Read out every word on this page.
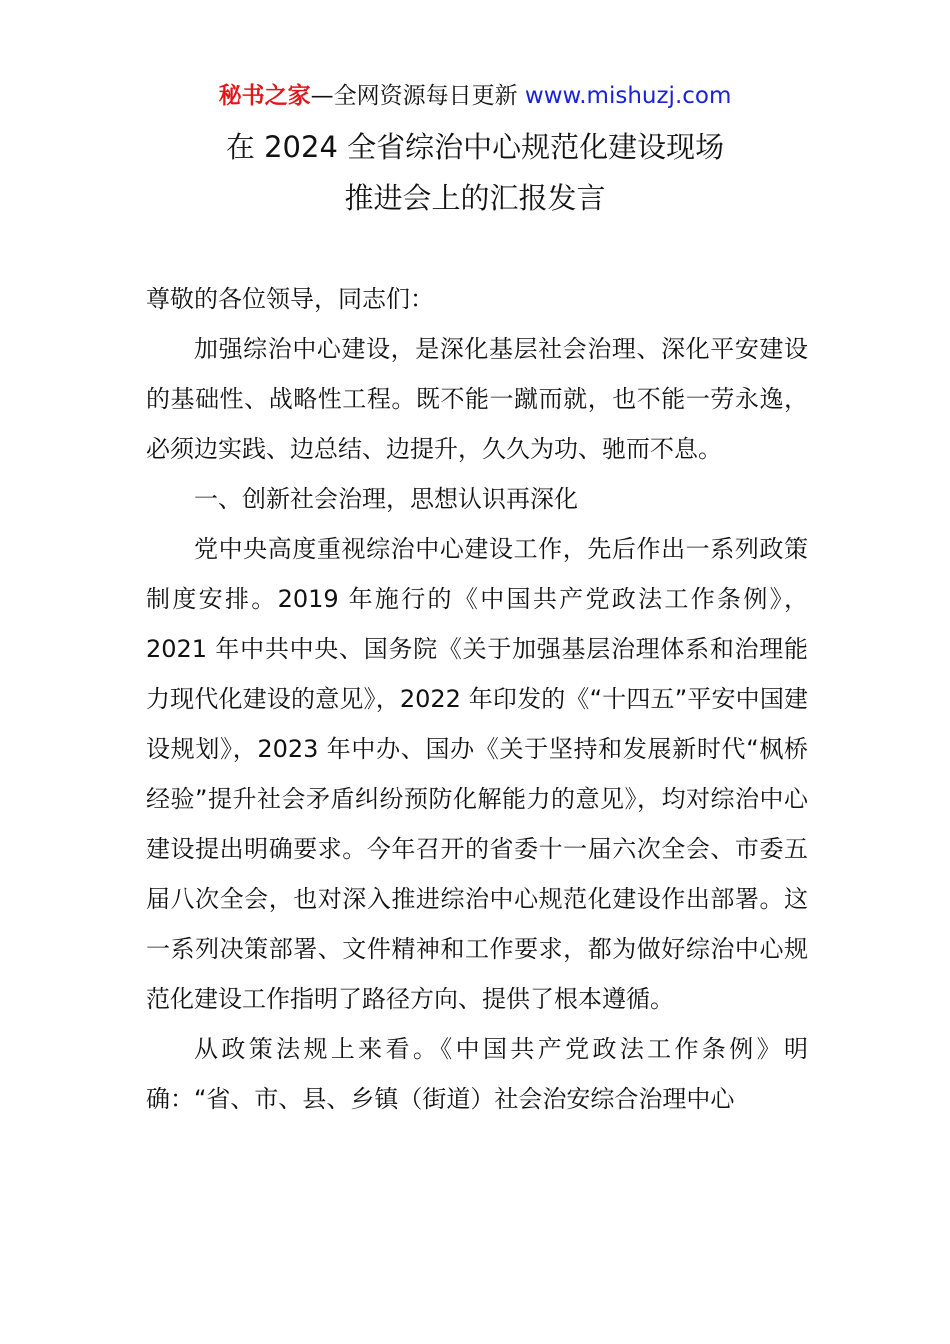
秘书之家—全网资源每日更新 www.mishuzj.com
在 2024 全省综治中心规范化建设现场
推进会上的汇报发言

尊敬的各位领导，同志们：

加强综治中心建设，是深化基层社会治理、深化平安建设的基础性、战略性工程。既不能一蹴而就，也不能一劳永逸，必须边实践、边总结、边提升，久久为功、驰而不息。

一、创新社会治理，思想认识再深化

党中央高度重视综治中心建设工作，先后作出一系列政策制度安排。2019 年施行的《中国共产党政法工作条例》，2021 年中共中央、国务院《关于加强基层治理体系和治理能力现代化建设的意见》，2022 年印发的《“十四五”平安中国建设规划》，2023 年中办、国办《关于坚持和发展新时代“枫桥经验”提升社会矛盾纠纷预防化解能力的意见》，均对综治中心建设提出明确要求。今年召开的省委十一届六次全会、市委五届八次全会，也对深入推进综治中心规范化建设作出部署。这一系列决策部署、文件精神和工作要求，都为做好综治中心规范化建设工作指明了路径方向、提供了根本遵循。

从政策法规上来看。《中国共产党政法工作条例》明确：“省、市、县、乡镇（街道）社会治安综合治理中心
